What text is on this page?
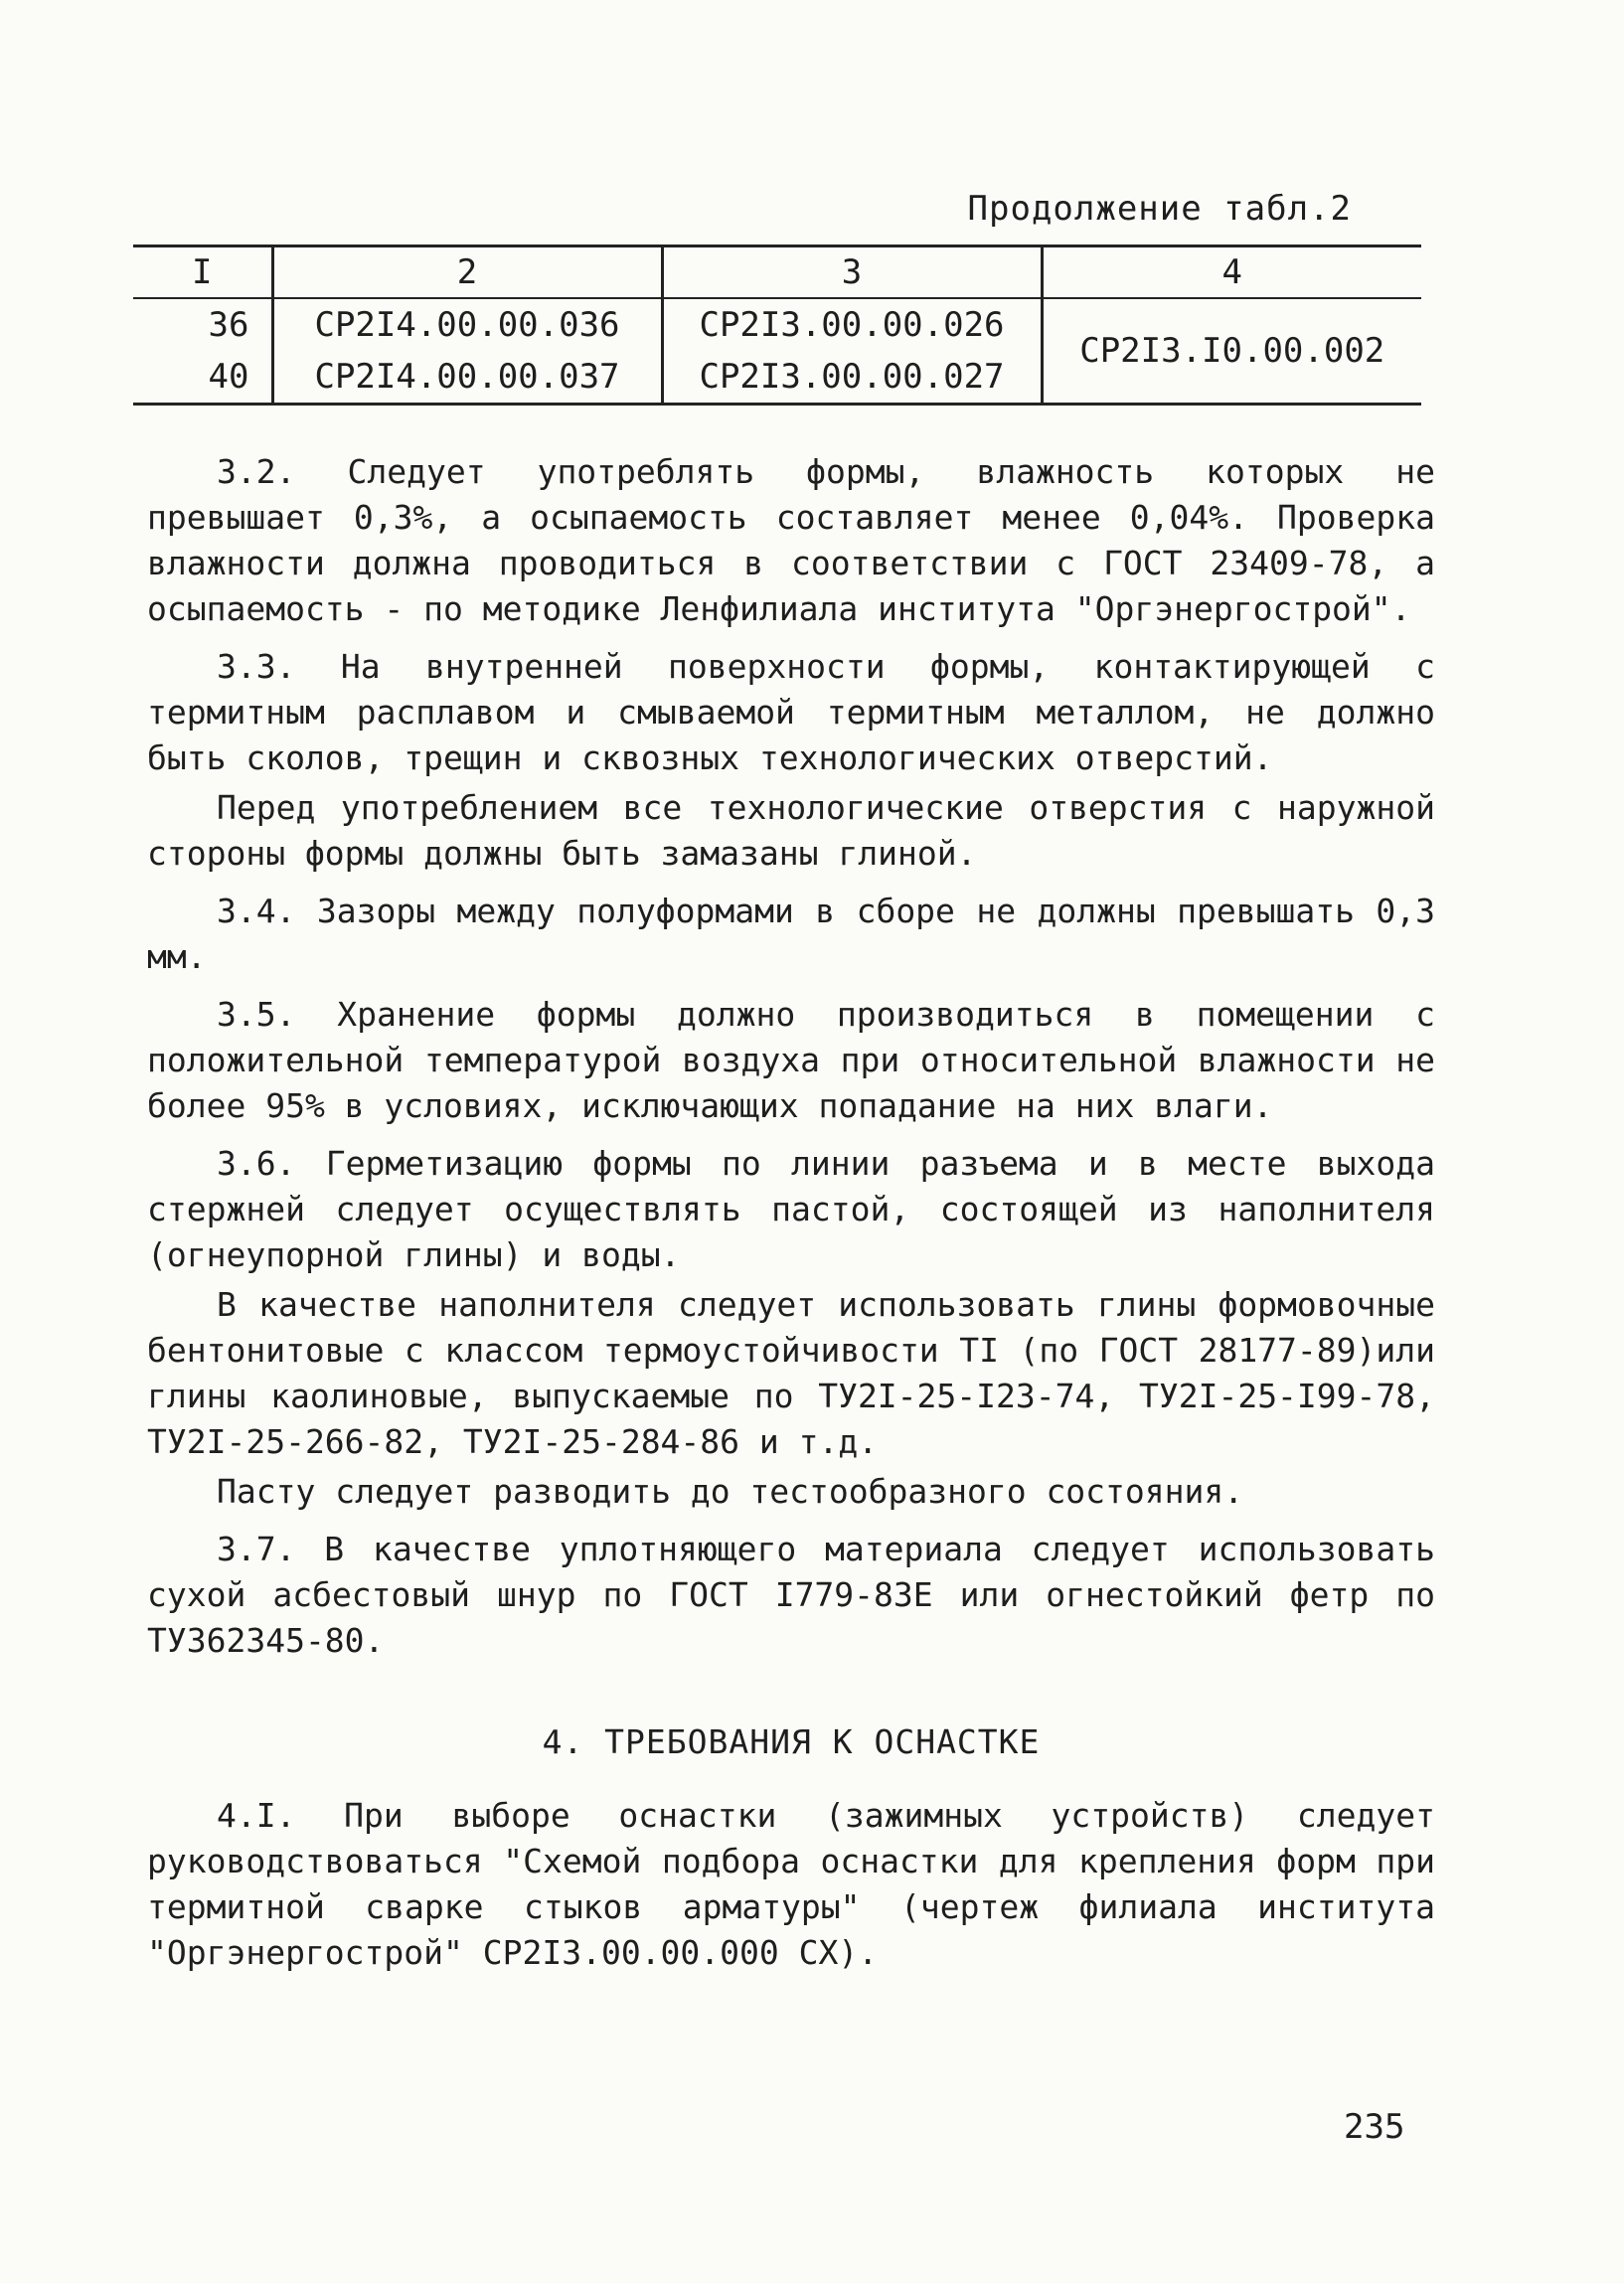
Продолжение табл.2
I	2	3	4
36	СР2I4.00.00.036	СР2I3.00.00.026	СР2I3.I0.00.002
40	СР2I4.00.00.037	СР2I3.00.00.027	

3.2. Следует употреблять формы, влажность которых не превышает 0,3%, а осыпаемость составляет менее 0,04%. Проверка влажности должна проводиться в соответствии с ГОСТ 23409-78, а осыпаемость - по методике Ленфилиала института "Оргэнергострой".

3.3. На внутренней поверхности формы, контактирующей с термитным расплавом и смываемой термитным металлом, не должно быть сколов, трещин и сквозных технологических отверстий.

Перед употреблением все технологические отверстия с наружной стороны формы должны быть замазаны глиной.

3.4. Зазоры между полуформами в сборе не должны превышать 0,3 мм.

3.5. Хранение формы должно производиться в помещении с положительной температурой воздуха при относительной влажности не более 95% в условиях, исключающих попадание на них влаги.

3.6. Герметизацию формы по линии разъема и в месте выхода стержней следует осуществлять пастой, состоящей из наполнителя (огнеупорной глины) и воды.

В качестве наполнителя следует использовать глины формовочные бентонитовые с классом термоустойчивости TI (по ГОСТ 28177-89)или глины каолиновые, выпускаемые по ТУ2I-25-I23-74, ТУ2I-25-I99-78, ТУ2I-25-266-82, ТУ2I-25-284-86 и т.д.

Пасту следует разводить до тестообразного состояния.

3.7. В качестве уплотняющего материала следует использовать сухой асбестовый шнур по ГОСТ I779-83Е или огнестойкий фетр по ТУ362345-80.

4. ТРЕБОВАНИЯ К ОСНАСТКЕ

4.I. При выборе оснастки (зажимных устройств) следует руководствоваться "Схемой подбора оснастки для крепления форм при термитной сварке стыков арматуры" (чертеж филиала института "Оргэнергострой" СР2I3.00.00.000 СХ).

235
